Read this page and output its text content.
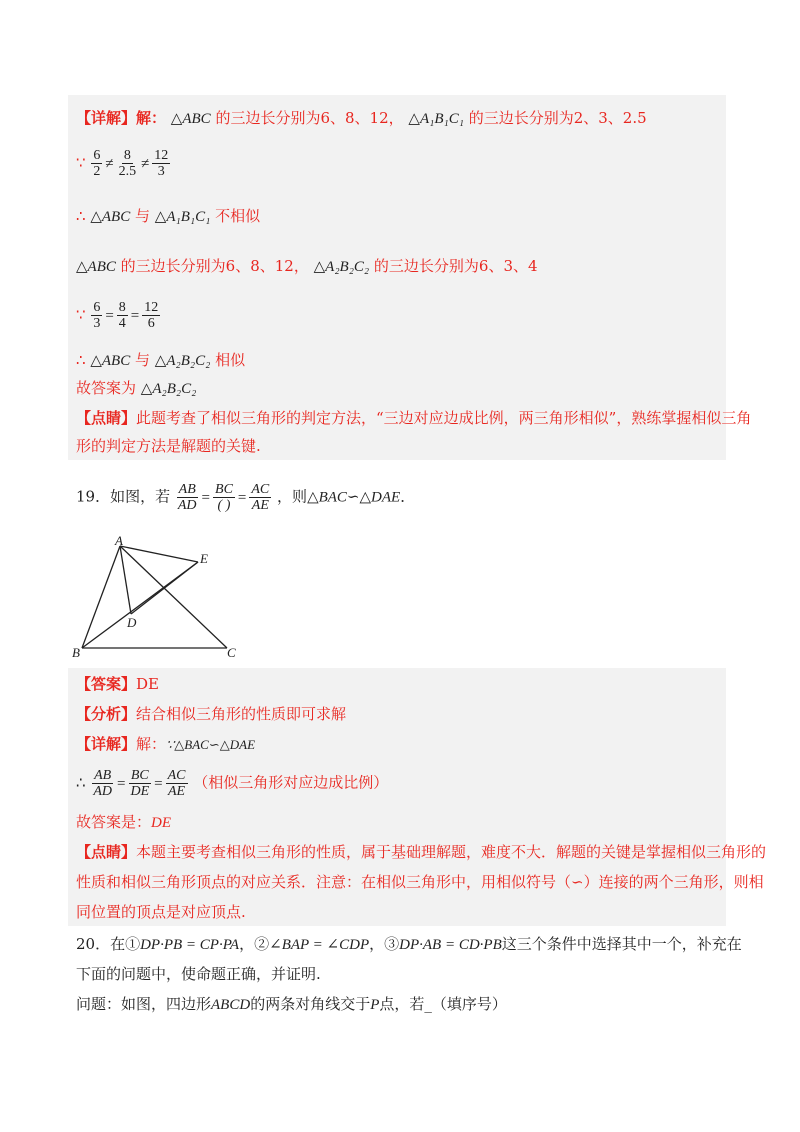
【详解】解： △ABC 的三边长分别为6、8、12， △A₁B₁C₁ 的三边长分别为2、3、2.5
∵ $\frac{6}{2} \ne \frac{8}{2.5} \ne \frac{12}{3}$
∴ △ABC 与 △A₁B₁C₁ 不相似
△ABC 的三边长分别为6、8、12， △A₂B₂C₂ 的三边长分别为6、3、4
∵ $\frac{6}{3} = \frac{8}{4} = \frac{12}{6}$
∴ △ABC 与 △A₂B₂C₂ 相似
故答案为 △A₂B₂C₂
【点睛】此题考查了相似三角形的判定方法，“三边对应边成比例，两三角形相似”，熟练掌握相似三角
形的判定方法是解题的关键.
19．如图，若 $\frac{AB}{AD} = \frac{BC}{( )} = \frac{AC}{AE}$ ，则△BAC∽△DAE．
A
E
D
B	C
【答案】DE
【分析】结合相似三角形的性质即可求解
【详解】解：∵△BAC∽△DAE
∴ $\frac{AB}{AD} = \frac{BC}{DE} = \frac{AC}{AE}$ （相似三角形对应边成比例）
故答案是：DE
【点睛】本题主要考查相似三角形的性质，属于基础理解题，难度不大．解题的关键是掌握相似三角形的
性质和相似三角形顶点的对应关系．注意：在相似三角形中，用相似符号（∽）连接的两个三角形，则相
同位置的顶点是对应顶点.
20．在①DP·PB = CP·PA，②∠BAP = ∠CDP，③DP·AB = CD·PB这三个条件中选择其中一个，补充在
下面的问题中，使命题正确，并证明.
问题：如图，四边形ABCD的两条对角线交于P点，若_（填序号）
